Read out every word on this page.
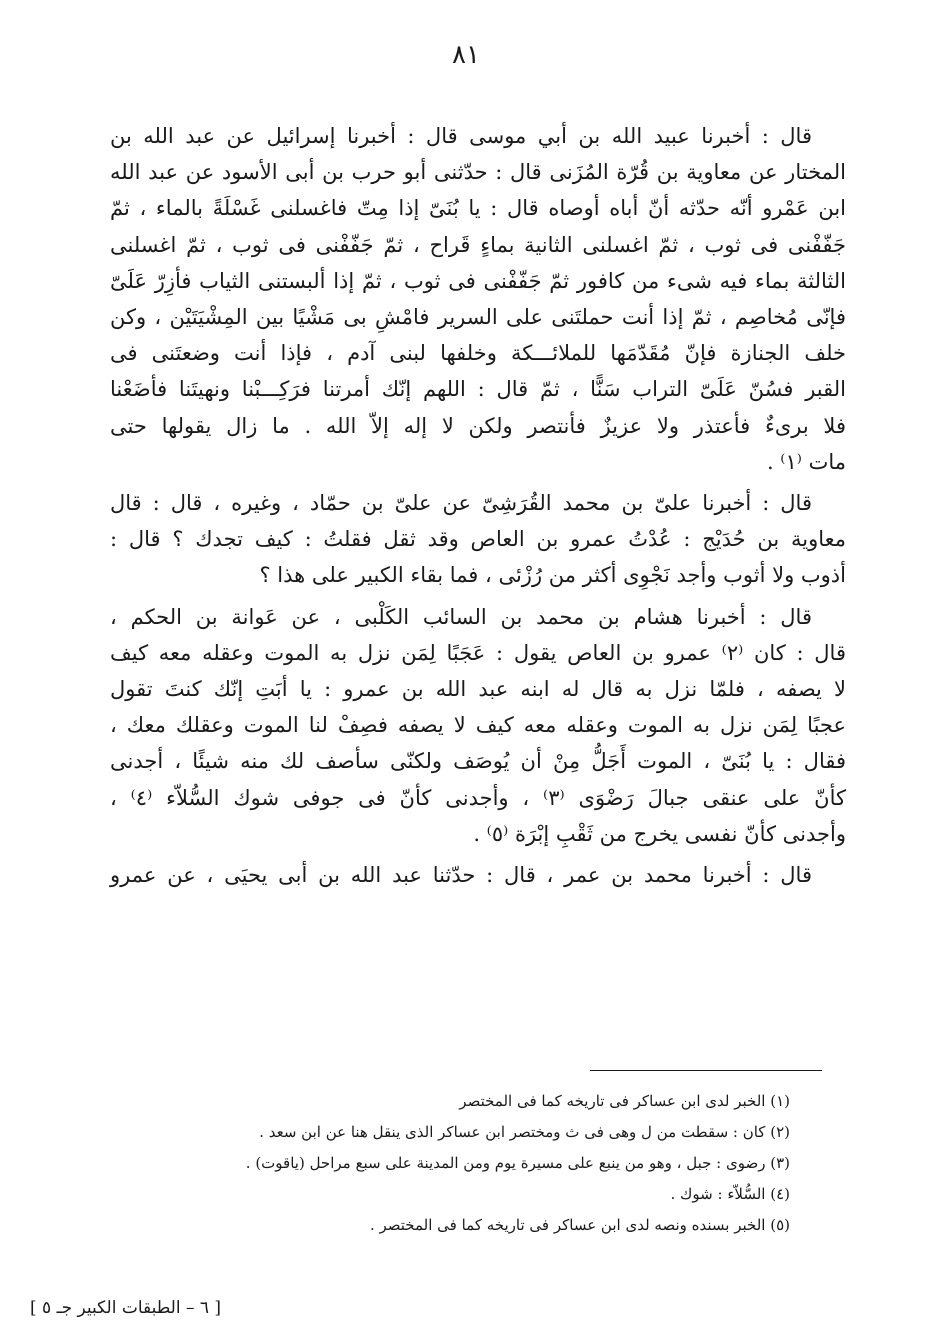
٨١
قال : أخبرنا عبيد الله بن أبي موسى قال : أخبرنا إسرائيل عن عبد الله بن
المختار عن معاوية بن قُرّة المُزَنى قال : حدّثنى أبو حرب بن أبى الأسود عن عبد الله
ابن عَمْرو أنّه حدّثه أنّ أباه أوصاه قال : يا بُنَىّ إذا مِتّ فاغسلنى غَسْلَةً بالماء ، ثمّ
جَفّفْنى فى ثوب ، ثمّ اغسلنى الثانية بماءٍ قَراح ، ثمّ جَفّفْنى فى ثوب ، ثمّ اغسلنى
الثالثة بماء فيه شىء من كافور ثمّ جَفّفْنى فى ثوب ، ثمّ إذا ألبستنى الثياب فأزِرّ عَلَىّ
فإنّى مُخاصِم ، ثمّ إذا أنت حملتَنى على السرير فامْشِ بى مَشْيًا بين المِشْيَتَيْن ، وكن
خلف الجنازة فإنّ مُقَدّمَها للملائـــكة وخلفها لبنى آدم ، فإذا أنت وضعتَنى فى
القبر فسُنّ عَلَىّ التراب سَنًّا ، ثمّ قال : اللهم إنّك أمرتنا فرَكِـــبْنا ونهيتَنا فأضَعْنا
فلا برىءٌ فأعتذر ولا عزيزٌ فأنتصر ولكن لا إله إلاّ الله . ما زال يقولها حتى
مات ⁽١⁾ .
قال : أخبرنا علىّ بن محمد القُرَشِىّ عن علىّ بن حمّاد ، وغيره ، قال : قال
معاوية بن حُدَيْج : عُدْتُ عمرو بن العاص وقد ثقل فقلتُ : كيف تجدك ؟ قال :
أذوب ولا أثوب وأجد نَجْوِى أكثر من رُزْئى ، فما بقاء الكبير على هذا ؟
قال : أخبرنا هشام بن محمد بن السائب الكَلْبى ، عن عَوانة بن الحكم ،
قال : كان ⁽٢⁾ عمرو بن العاص يقول : عَجَبًا لِمَن نزل به الموت وعقله معه كيف
لا يصفه ، فلمّا نزل به قال له ابنه عبد الله بن عمرو : يا أبَتِ إنّك كنتَ تقول
عجبًا لِمَن نزل به الموت وعقله معه كيف لا يصفه فصِفْ لنا الموت وعقلك معك ،
فقال : يا بُنَىّ ، الموت أَجَلُّ مِنْ أن يُوصَف ولكنّى سأصف لك منه شيئًا ، أجدنى
كأنّ على عنقى جبالَ رَضْوَى ⁽٣⁾ ، وأجدنى كأنّ فى جوفى شوك السُّلاّء ⁽٤⁾ ،
وأجدنى كأنّ نفسى يخرج من ثَقْبِ إبْرَة ⁽٥⁾ .
قال : أخبرنا محمد بن عمر ، قال : حدّثنا عبد الله بن أبى يحيَى ، عن عمرو
(١) الخبر لدى ابن عساكر فى تاريخه كما فى المختصر
(٢) كان : سقطت من ل وهى فى ث ومختصر ابن عساكر الذى ينقل هنا عن ابن سعد .
(٣) رضوى : جبل ، وهو من ينبع على مسيرة يوم ومن المدينة على سبع مراحل (ياقوت) .
(٤) السُّلاّء : شوك .
(٥) الخبر بسنده ونصه لدى ابن عساكر فى تاريخه كما فى المختصر .
[ ٦ – الطبقات الكبير جـ ٥ ]
